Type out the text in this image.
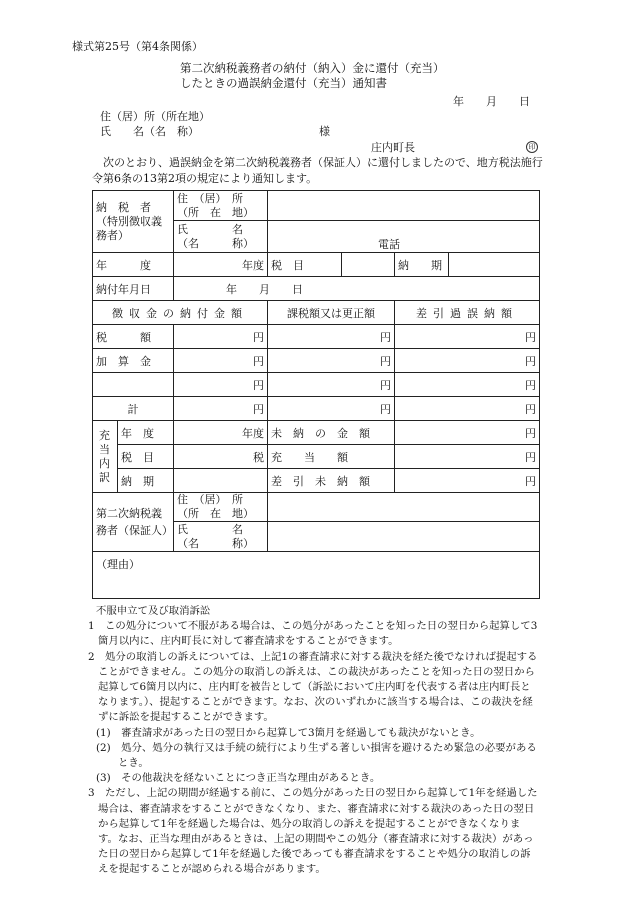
様式第25号（第4条関係）
第二次納税義務者の納付（納入）金に還付（充当）
したときの過誤納金還付（充当）通知書
年　　月　　日
住（居）所（所在地）
氏　　名（名　称）	様
庄内町長	印
次のとおり、過誤納金を第二次納税義務者（保証人）に還付しましたので、地方税法施行令第6条の13第2項の規定により通知します。
納　税　者
（特別徴収義務者）		住　（居）　所
（所　在　地）				
		氏　　　　名
（名　　　称）	電話			
年　　　度		年度	税　目		納　　期	
納付年月日		年　　月　　日				
徴収金の納付金額			課税額又は更正額		差引過誤納額	
税　　　額		円	円		円	
加　算　金		円	円		円	
		円	円		円	
計		円	円		円	
充当内訳	年　度	年度	未　納　の　金　額		円	
	税　目	税	充　　当　　額		円	
	納　期		差　引　未　納　額		円	
第二次納税義務者（保証人）		住　（居）　所
（所　在　地）				
		氏　　　　名
（名　　　称）				
（理由）						

不服申立て及び取消訴訟

1　この処分について不服がある場合は、この処分があったことを知った日の翌日から起算して3箇月以内に、庄内町長に対して審査請求をすることができます。

2　処分の取消しの訴えについては、上記1の審査請求に対する裁決を経た後でなければ提起することができません。この処分の取消しの訴えは、この裁決があったことを知った日の翌日から起算して6箇月以内に、庄内町を被告として（訴訟において庄内町を代表する者は庄内町長となります。）、提起することができます。なお、次のいずれかに該当する場合は、この裁決を経ずに訴訟を提起することができます。

(1)　審査請求があった日の翌日から起算して3箇月を経過しても裁決がないとき。

(2)　処分、処分の執行又は手続の続行により生ずる著しい損害を避けるため緊急の必要があるとき。

(3)　その他裁決を経ないことにつき正当な理由があるとき。

3　ただし、上記の期間が経過する前に、この処分があった日の翌日から起算して1年を経過した場合は、審査請求をすることができなくなり、また、審査請求に対する裁決のあった日の翌日から起算して1年を経過した場合は、処分の取消しの訴えを提起することができなくなります。なお、正当な理由があるときは、上記の期間やこの処分（審査請求に対する裁決）があった日の翌日から起算して1年を経過した後であっても審査請求をすることや処分の取消しの訴えを提起することが認められる場合があります。
